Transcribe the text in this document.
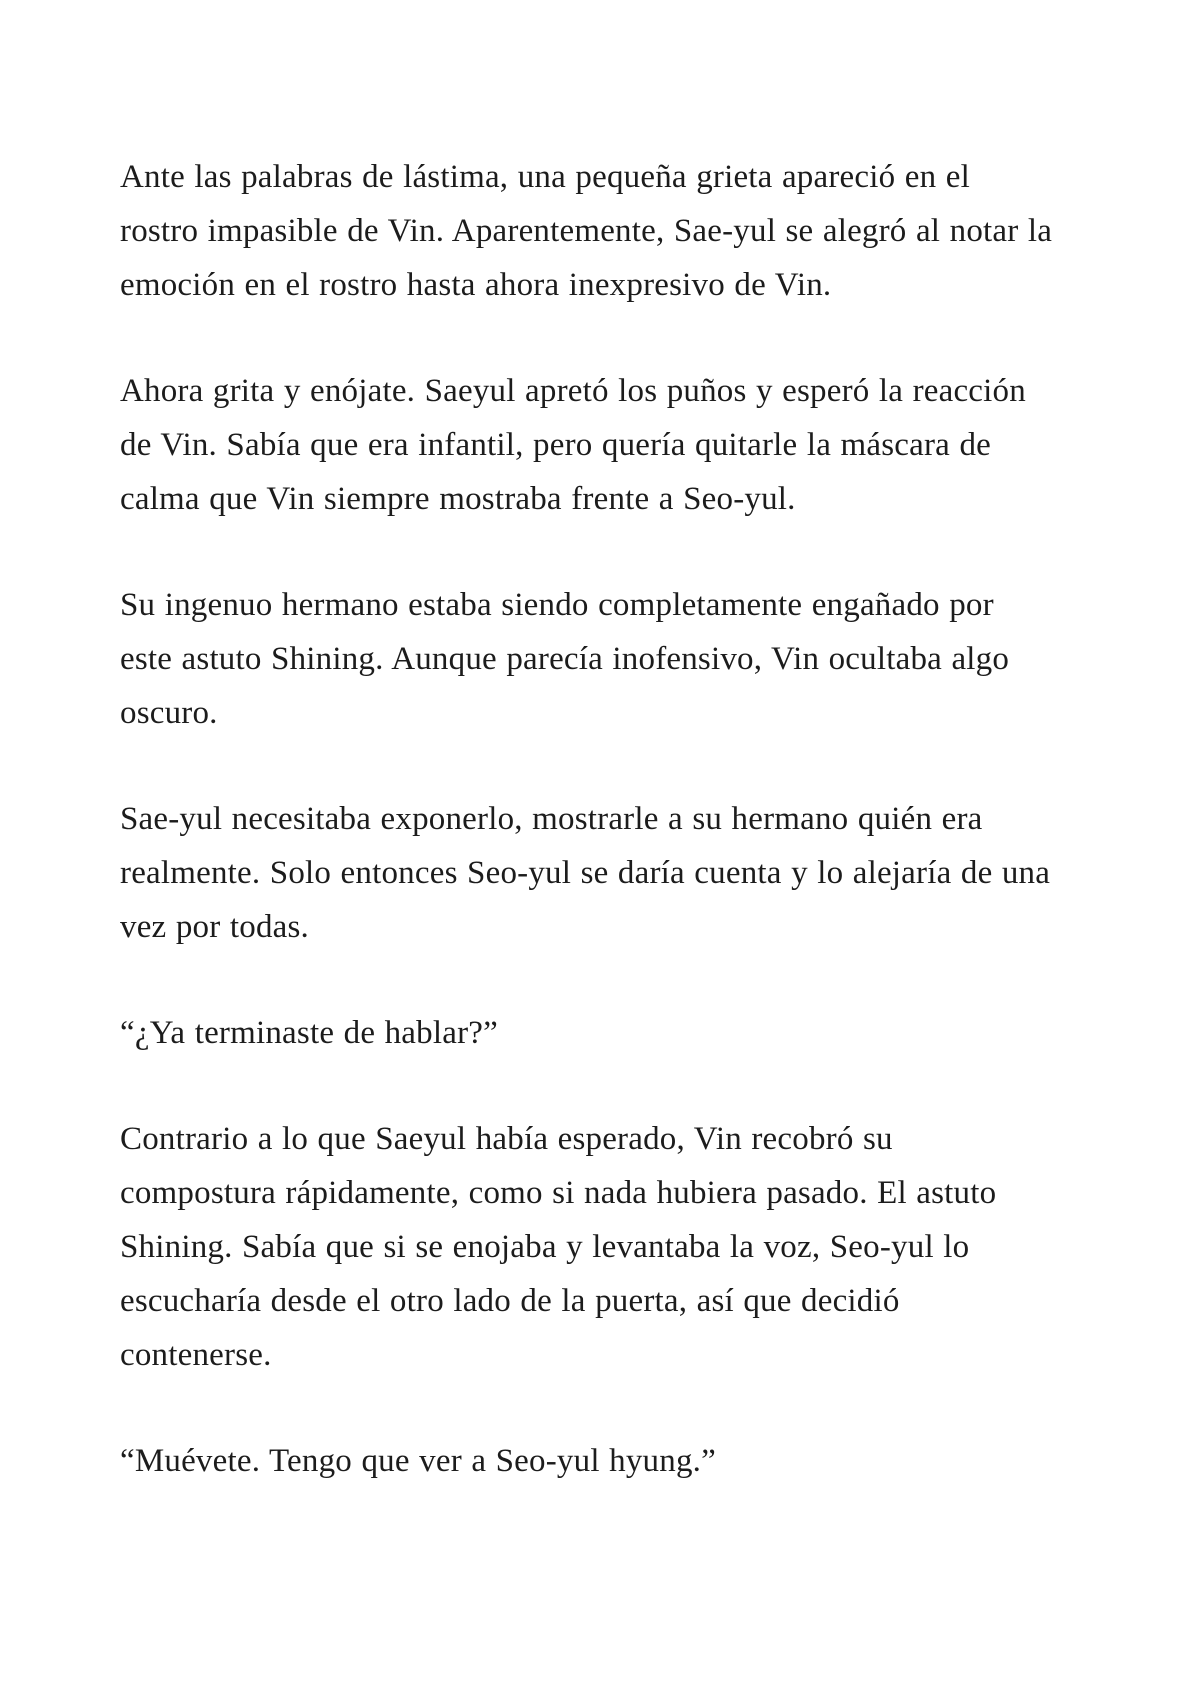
Ante las palabras de lástima, una pequeña grieta apareció en el rostro impasible de Vin. Aparentemente, Sae-yul se alegró al notar la emoción en el rostro hasta ahora inexpresivo de Vin.

Ahora grita y enójate. Saeyul apretó los puños y esperó la reacción de Vin. Sabía que era infantil, pero quería quitarle la máscara de calma que Vin siempre mostraba frente a Seo-yul.

Su ingenuo hermano estaba siendo completamente engañado por este astuto Shining. Aunque parecía inofensivo, Vin ocultaba algo oscuro.

Sae-yul necesitaba exponerlo, mostrarle a su hermano quién era realmente. Solo entonces Seo-yul se daría cuenta y lo alejaría de una vez por todas.

“¿Ya terminaste de hablar?”

Contrario a lo que Saeyul había esperado, Vin recobró su compostura rápidamente, como si nada hubiera pasado. El astuto Shining. Sabía que si se enojaba y levantaba la voz, Seo-yul lo escucharía desde el otro lado de la puerta, así que decidió contenerse.

“Muévete. Tengo que ver a Seo-yul hyung.”
